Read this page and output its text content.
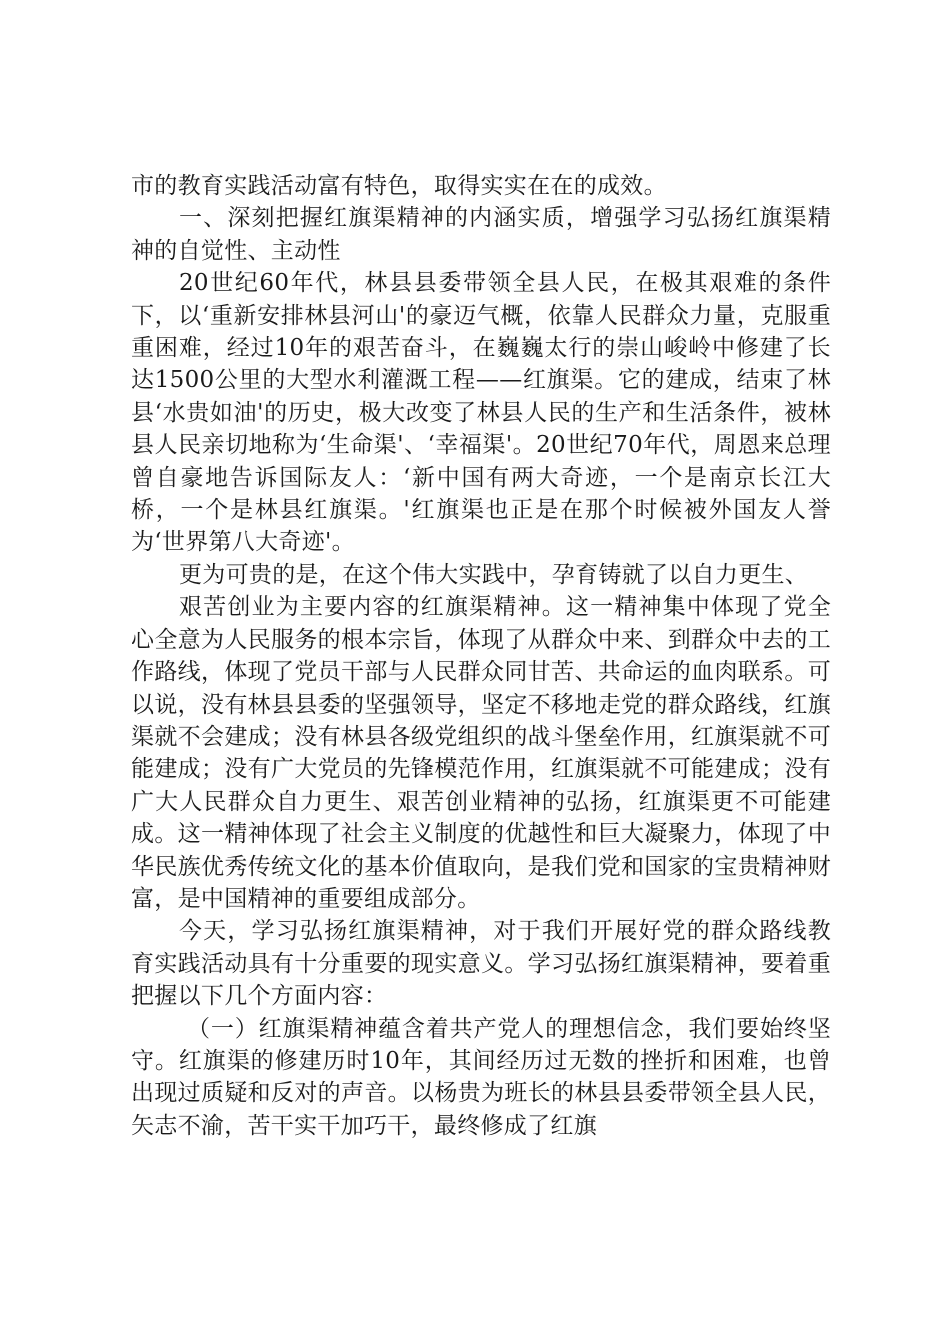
市的教育实践活动富有特色，取得实实在在的成效。

一、深刻把握红旗渠精神的内涵实质，增强学习弘扬红旗渠精神的自觉性、主动性

20世纪60年代，林县县委带领全县人民，在极其艰难的条件下，以‘重新安排林县河山'的豪迈气概，依靠人民群众力量，克服重重困难，经过10年的艰苦奋斗，在巍巍太行的崇山峻岭中修建了长达1500公里的大型水利灌溉工程——红旗渠。它的建成，结束了林县‘水贵如油'的历史，极大改变了林县人民的生产和生活条件，被林县人民亲切地称为‘生命渠'、‘幸福渠'。20世纪70年代，周恩来总理曾自豪地告诉国际友人：‘新中国有两大奇迹，一个是南京长江大桥，一个是林县红旗渠。'红旗渠也正是在那个时候被外国友人誉为‘世界第八大奇迹'。

更为可贵的是，在这个伟大实践中，孕育铸就了以自力更生、

艰苦创业为主要内容的红旗渠精神。这一精神集中体现了党全心全意为人民服务的根本宗旨，体现了从群众中来、到群众中去的工作路线，体现了党员干部与人民群众同甘苦、共命运的血肉联系。可以说，没有林县县委的坚强领导，坚定不移地走党的群众路线，红旗渠就不会建成；没有林县各级党组织的战斗堡垒作用，红旗渠就不可能建成；没有广大党员的先锋模范作用，红旗渠就不可能建成；没有广大人民群众自力更生、艰苦创业精神的弘扬，红旗渠更不可能建成。这一精神体现了社会主义制度的优越性和巨大凝聚力，体现了中华民族优秀传统文化的基本价值取向，是我们党和国家的宝贵精神财富，是中国精神的重要组成部分。

今天，学习弘扬红旗渠精神，对于我们开展好党的群众路线教育实践活动具有十分重要的现实意义。学习弘扬红旗渠精神，要着重把握以下几个方面内容：

（一）红旗渠精神蕴含着共产党人的理想信念，我们要始终坚守。红旗渠的修建历时10年，其间经历过无数的挫折和困难，也曾出现过质疑和反对的声音。以杨贵为班长的林县县委带领全县人民，矢志不渝，苦干实干加巧干，最终修成了红旗
